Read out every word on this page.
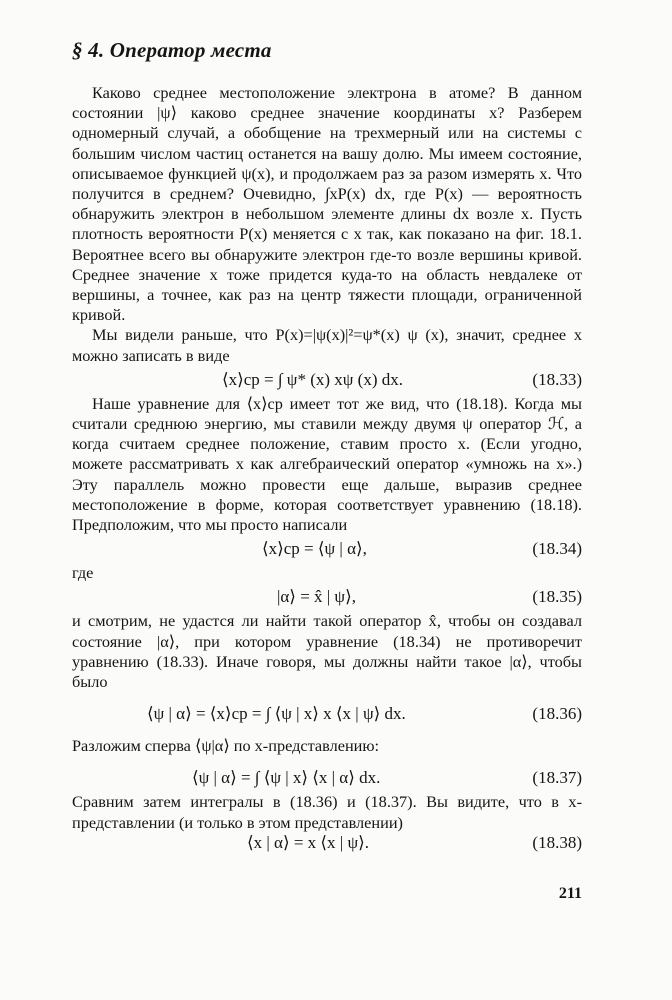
§ 4. Оператор места

Каково среднее местоположение электрона в атоме? В данном состоянии |ψ⟩ каково среднее значение координаты x? Разберем одномерный случай, а обобщение на трехмерный или на системы с большим числом частиц останется на вашу долю. Мы имеем состояние, описываемое функцией ψ(x), и продолжаем раз за разом измерять x. Что получится в среднем? Очевидно, ∫xP(x) dx, где P(x) — вероятность обнаружить электрон в небольшом элементе длины dx возле x. Пусть плотность вероятности P(x) меняется с x так, как показано на фиг. 18.1. Вероятнее всего вы обнаружите электрон где-то возле вершины кривой. Среднее значение x тоже придется куда-то на область невдалеке от вершины, а точнее, как раз на центр тяжести площади, ограниченной кривой.

Мы видели раньше, что P(x)=|ψ(x)|²=ψ*(x) ψ (x), значит, среднее x можно записать в виде

⟨x⟩ср = ∫ ψ* (x) xψ (x) dx.	(18.33)

Наше уравнение для ⟨x⟩ср имеет тот же вид, что (18.18). Когда мы считали среднюю энергию, мы ставили между двумя ψ оператор ℋ, а когда считаем среднее положение, ставим просто x. (Если угодно, можете рассматривать x как алгебраический оператор «умножь на x».) Эту параллель можно провести еще дальше, выразив среднее местоположение в форме, которая соответствует уравнению (18.18). Предположим, что мы просто написали

⟨x⟩ср = ⟨ψ | α⟩,	(18.34)

где

|α⟩ = x̂ | ψ⟩,	(18.35)

и смотрим, не удастся ли найти такой оператор x̂, чтобы он создавал состояние |α⟩, при котором уравнение (18.34) не противоречит уравнению (18.33). Иначе говоря, мы должны найти такое |α⟩, чтобы было

⟨ψ | α⟩ = ⟨x⟩ср = ∫ ⟨ψ | x⟩ x ⟨x | ψ⟩ dx.	(18.36)

Разложим сперва ⟨ψ|α⟩ по x-представлению:

⟨ψ | α⟩ = ∫ ⟨ψ | x⟩ ⟨x | α⟩ dx.	(18.37)

Сравним затем интегралы в (18.36) и (18.37). Вы видите, что в x-представлении (и только в этом представлении)

⟨x | α⟩ = x ⟨x | ψ⟩.	(18.38)
211
